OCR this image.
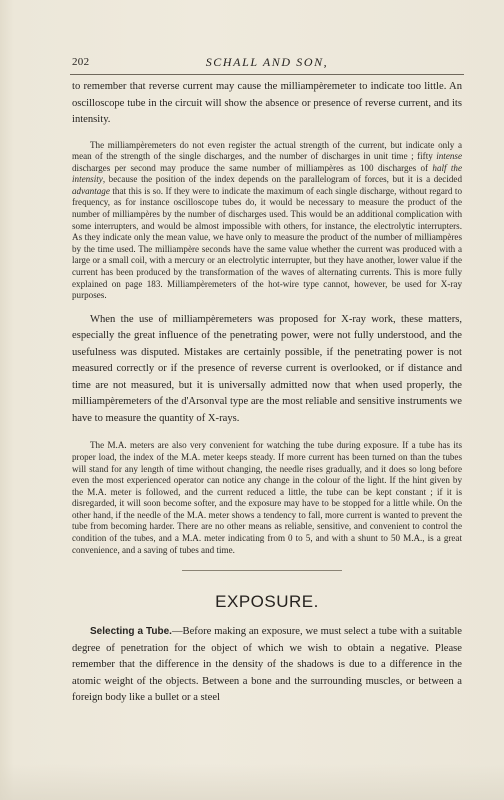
202	SCHALL AND SON,

to remember that reverse current may cause the milliampèremeter to indicate too little. An oscilloscope tube in the circuit will show the absence or presence of reverse current, and its intensity.

The milliampèremeters do not even register the actual strength of the current, but indicate only a mean of the strength of the single discharges, and the number of discharges in unit time ; fifty intense discharges per second may produce the same number of milliampères as 100 discharges of half the intensity, because the position of the index depends on the parallelogram of forces, but it is a decided advantage that this is so. If they were to indicate the maximum of each single discharge, without regard to frequency, as for instance oscilloscope tubes do, it would be necessary to measure the product of the number of milliampères by the number of discharges used. This would be an additional complication with some interrupters, and would be almost impossible with others, for instance, the electrolytic interrupters. As they indicate only the mean value, we have only to measure the product of the number of milliampères by the time used. The milliampère seconds have the same value whether the current was produced with a large or a small coil, with a mercury or an electrolytic interrupter, but they have another, lower value if the current has been produced by the transformation of the waves of alternating currents. This is more fully explained on page 183. Milliampèremeters of the hot-wire type cannot, however, be used for X-ray purposes.

When the use of milliampèremeters was proposed for X-ray work, these matters, especially the great influence of the penetrating power, were not fully understood, and the usefulness was disputed. Mistakes are certainly possible, if the penetrating power is not measured correctly or if the presence of reverse current is overlooked, or if distance and time are not measured, but it is universally admitted now that when used properly, the milliampèremeters of the d'Arsonval type are the most reliable and sensitive instruments we have to measure the quantity of X-rays.

The M.A. meters are also very convenient for watching the tube during exposure. If a tube has its proper load, the index of the M.A. meter keeps steady. If more current has been turned on than the tubes will stand for any length of time without changing, the needle rises gradually, and it does so long before even the most experienced operator can notice any change in the colour of the light. If the hint given by the M.A. meter is followed, and the current reduced a little, the tube can be kept constant ; if it is disregarded, it will soon become softer, and the exposure may have to be stopped for a little while. On the other hand, if the needle of the M.A. meter shows a tendency to fall, more current is wanted to prevent the tube from becoming harder. There are no other means as reliable, sensitive, and convenient to control the condition of the tubes, and a M.A. meter indicating from 0 to 5, and with a shunt to 50 M.A., is a great convenience, and a saving of tubes and time.

EXPOSURE.

Selecting a Tube.—Before making an exposure, we must select a tube with a suitable degree of penetration for the object of which we wish to obtain a negative. Please remember that the difference in the density of the shadows is due to a difference in the atomic weight of the objects. Between a bone and the surrounding muscles, or between a foreign body like a bullet or a steel
